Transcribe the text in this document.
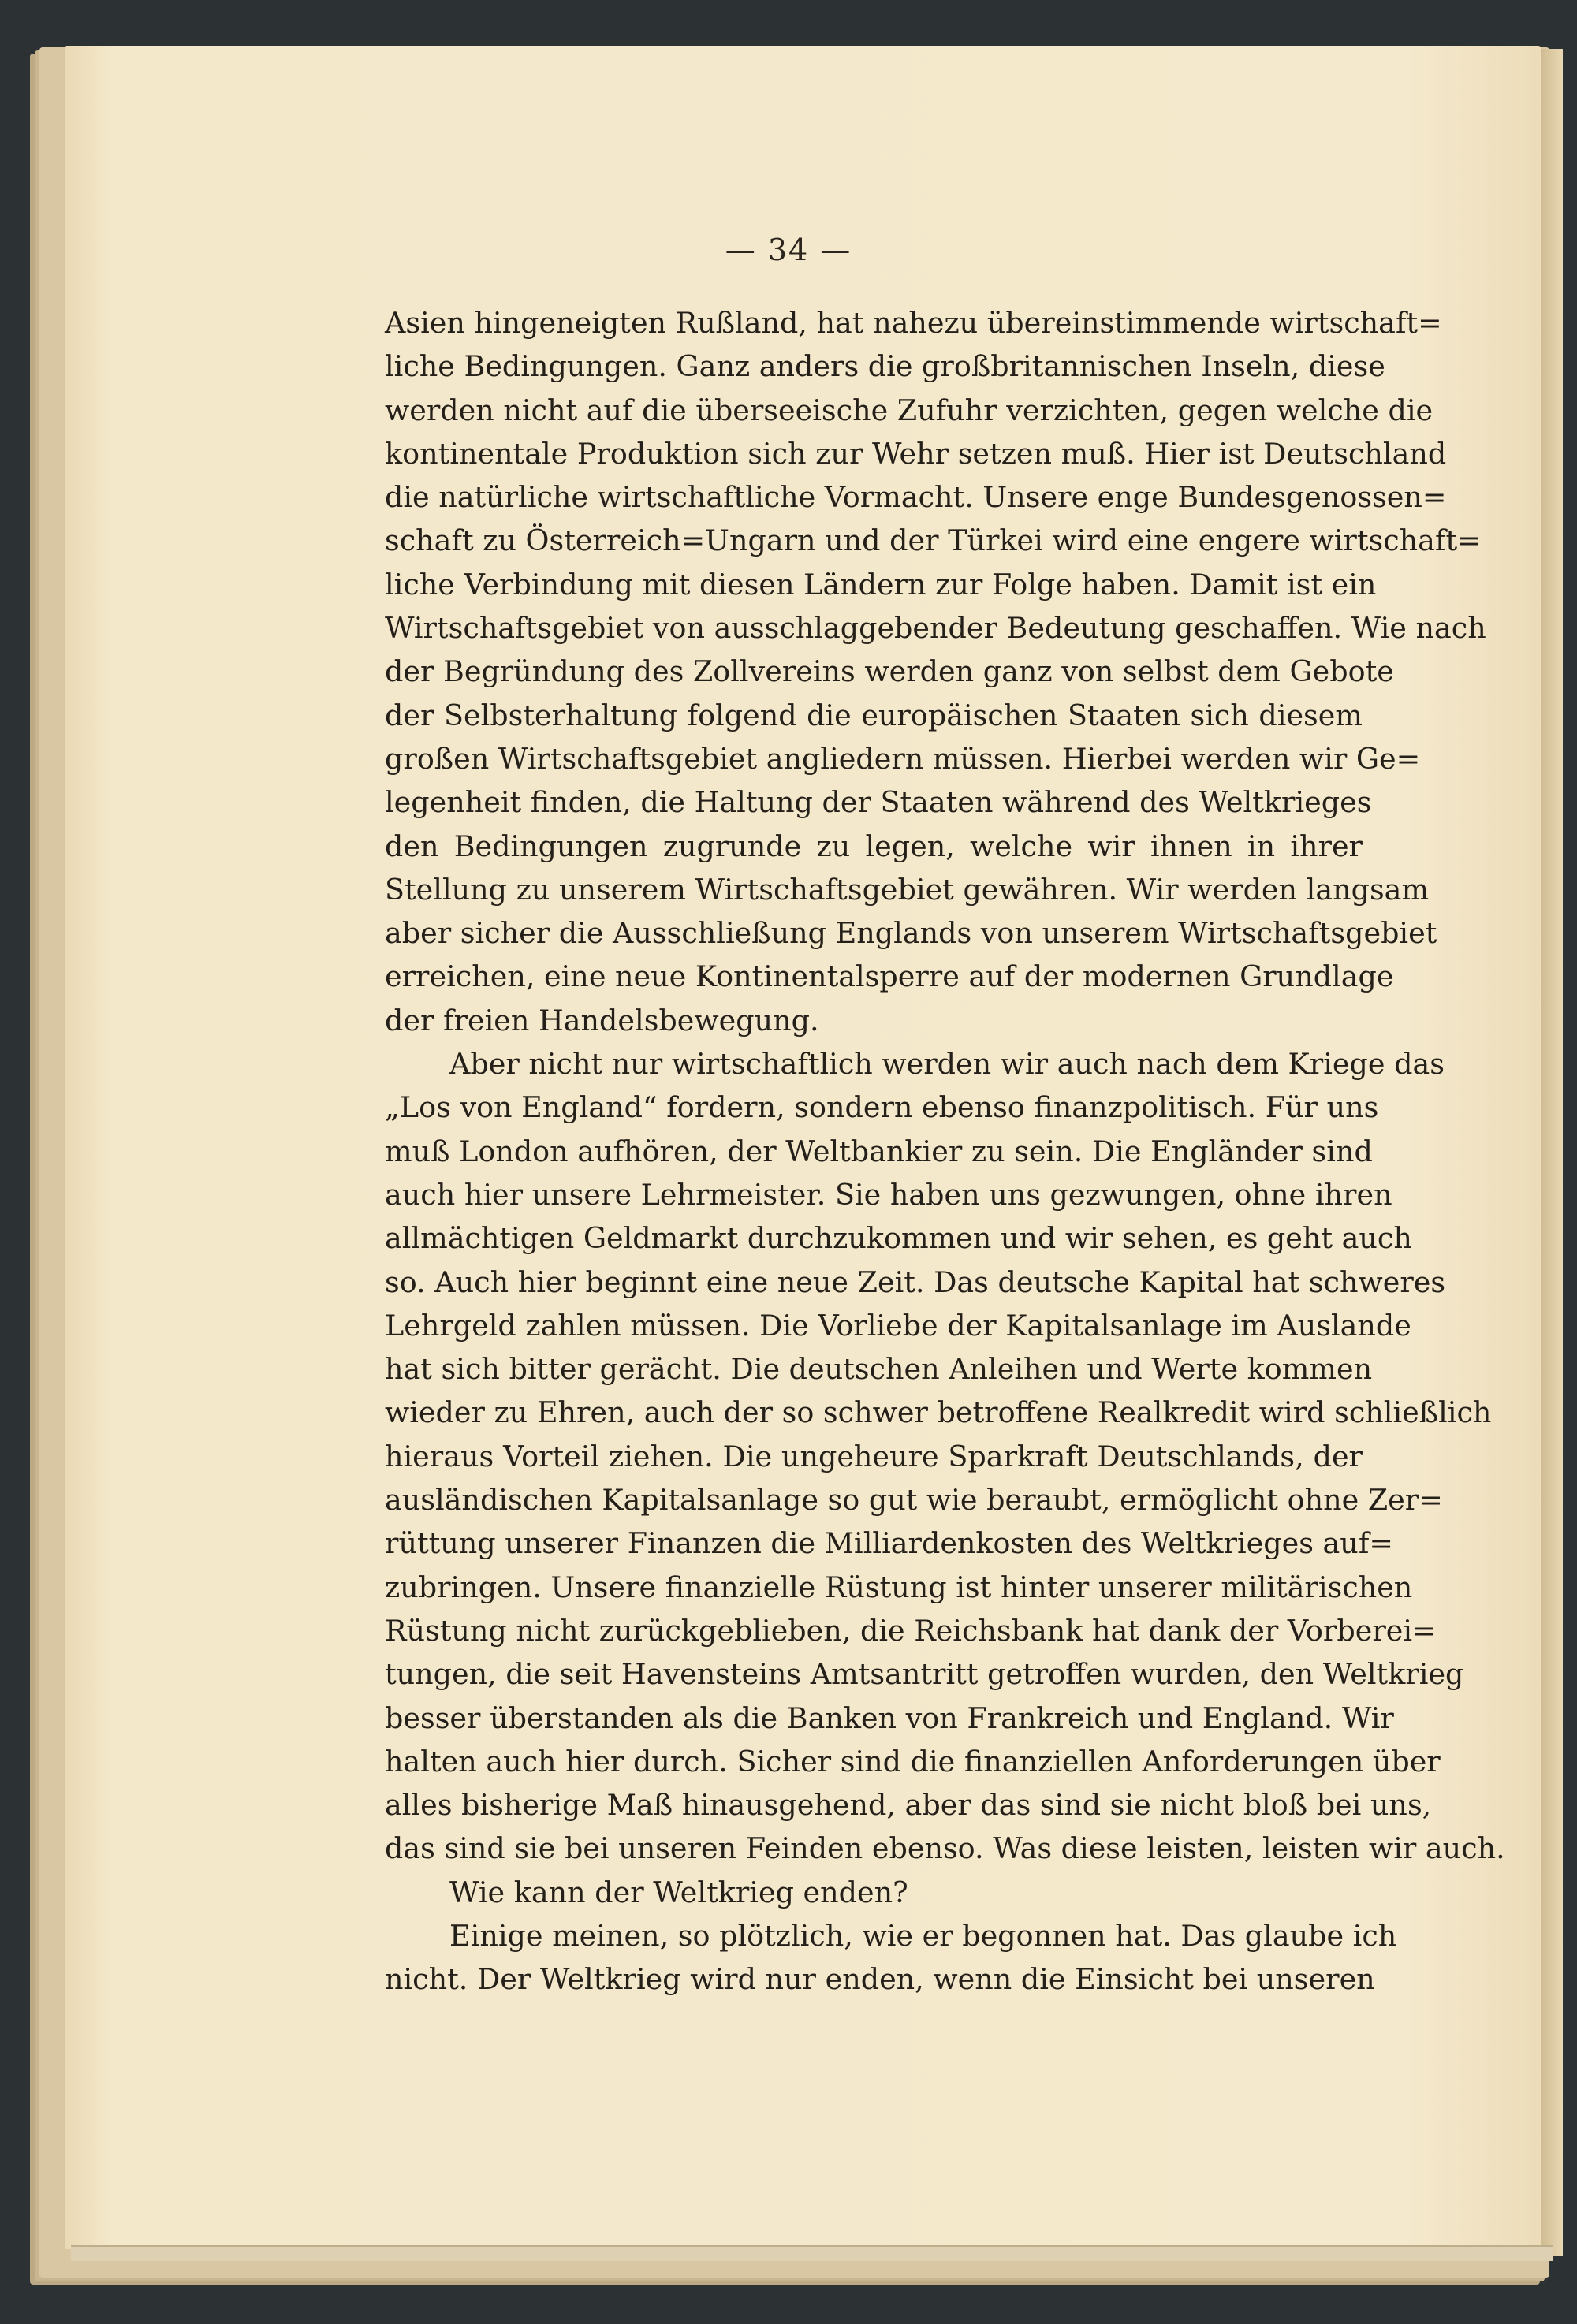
— 34 —
Asien hingeneigten Rußland, hat nahezu übereinstimmende wirtschaft=
liche Bedingungen. Ganz anders die großbritannischen Inseln, diese
werden nicht auf die überseeische Zufuhr verzichten, gegen welche die
kontinentale Produktion sich zur Wehr setzen muß. Hier ist Deutschland
die natürliche wirtschaftliche Vormacht. Unsere enge Bundesgenossen=
schaft zu Österreich=Ungarn und der Türkei wird eine engere wirtschaft=
liche Verbindung mit diesen Ländern zur Folge haben. Damit ist ein
Wirtschaftsgebiet von ausschlaggebender Bedeutung geschaffen. Wie nach
der Begründung des Zollvereins werden ganz von selbst dem Gebote
der Selbsterhaltung folgend die europäischen Staaten sich diesem
großen Wirtschaftsgebiet angliedern müssen. Hierbei werden wir Ge=
legenheit finden, die Haltung der Staaten während des Weltkrieges
den Bedingungen zugrunde zu legen, welche wir ihnen in ihrer
Stellung zu unserem Wirtschaftsgebiet gewähren. Wir werden langsam
aber sicher die Ausschließung Englands von unserem Wirtschaftsgebiet
erreichen, eine neue Kontinentalsperre auf der modernen Grundlage
der freien Handelsbewegung.
Aber nicht nur wirtschaftlich werden wir auch nach dem Kriege das
„Los von England“ fordern, sondern ebenso finanzpolitisch. Für uns
muß London aufhören, der Weltbankier zu sein. Die Engländer sind
auch hier unsere Lehrmeister. Sie haben uns gezwungen, ohne ihren
allmächtigen Geldmarkt durchzukommen und wir sehen, es geht auch
so. Auch hier beginnt eine neue Zeit. Das deutsche Kapital hat schweres
Lehrgeld zahlen müssen. Die Vorliebe der Kapitalsanlage im Auslande
hat sich bitter gerächt. Die deutschen Anleihen und Werte kommen
wieder zu Ehren, auch der so schwer betroffene Realkredit wird schließlich
hieraus Vorteil ziehen. Die ungeheure Sparkraft Deutschlands, der
ausländischen Kapitalsanlage so gut wie beraubt, ermöglicht ohne Zer=
rüttung unserer Finanzen die Milliardenkosten des Weltkrieges auf=
zubringen. Unsere finanzielle Rüstung ist hinter unserer militärischen
Rüstung nicht zurückgeblieben, die Reichsbank hat dank der Vorberei=
tungen, die seit Havensteins Amtsantritt getroffen wurden, den Weltkrieg
besser überstanden als die Banken von Frankreich und England. Wir
halten auch hier durch. Sicher sind die finanziellen Anforderungen über
alles bisherige Maß hinausgehend, aber das sind sie nicht bloß bei uns,
das sind sie bei unseren Feinden ebenso. Was diese leisten, leisten wir auch.
Wie kann der Weltkrieg enden?
Einige meinen, so plötzlich, wie er begonnen hat. Das glaube ich
nicht. Der Weltkrieg wird nur enden, wenn die Einsicht bei unseren
